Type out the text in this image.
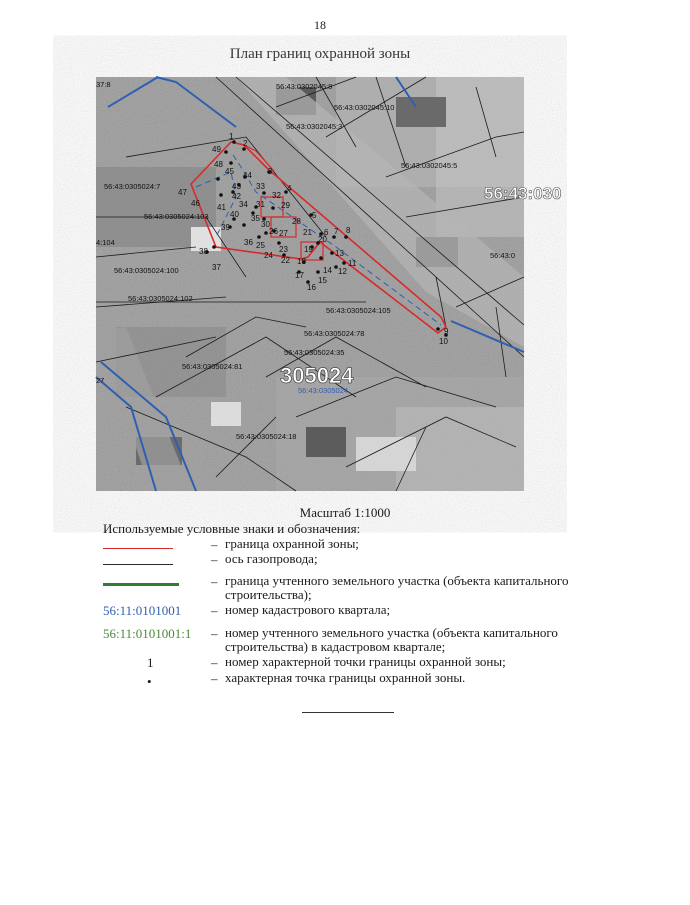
18
План границ охранной зоны
1
2
3
4
5
6 7 8
9
10
11
12
13
14
15
16
17
18
19
20
21
22
23
24
25
26 27
28
29
30
31
32
33
34
35
36
37
38
39
40
41
42
43
44
45
46
47
48
49
37:8	56:43:0302045:8
56:43:0302045:10
56:43:0302045:3
56:43:0302045:5
56:43:0305024:7
56:43:0305024:103
4:104
56:43:0305024:100
56:43:0305024:102
56:43:0305024:105
56:43:0305024:78
56:43:0305024:35
56:43:0305024:81
56:43:0305024:18
27
56:43:0
56:43:030
305024
56:43:0305024
Масштаб 1:1000
Используемые условные знаки и обозначения:
– граница охранной зоны;
– ось газопровода;
– граница учтенного земельного участка (объекта капитального строительства);
56:11:0101001	– номер кадастрового квартала;
56:11:0101001:1	– номер учтенного земельного участка (объекта капитального строительства) в кадастровом квартале;
1	– номер характерной точки границы охранной зоны;
•	– характерная точка границы охранной зоны.
